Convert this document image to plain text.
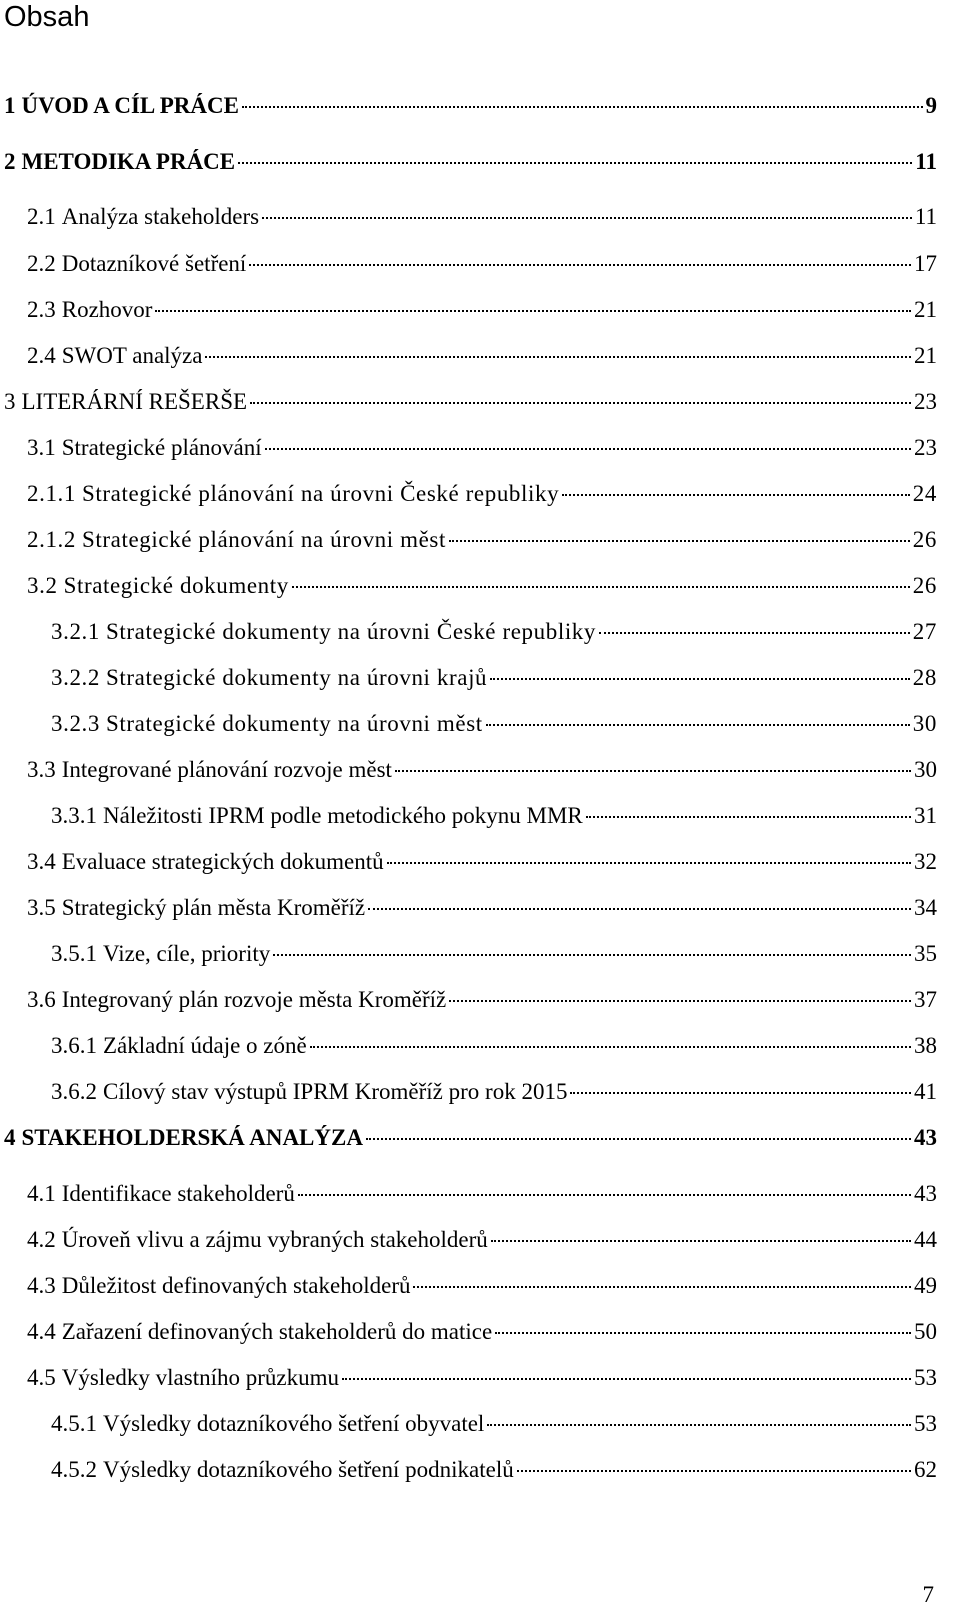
Obsah
1 ÚVOD A CÍL PRÁCE	9
2 METODIKA PRÁCE	11
2.1 Analýza stakeholders	11
2.2 Dotazníkové šetření	17
2.3 Rozhovor	21
2.4 SWOT analýza	21
3 LITERÁRNÍ REŠERŠE	23
3.1 Strategické plánování	23
2.1.1 Strategické plánování na úrovni České republiky	24
2.1.2 Strategické plánování na úrovni měst	26
3.2 Strategické dokumenty	26
3.2.1 Strategické dokumenty na úrovni České republiky	27
3.2.2 Strategické dokumenty na úrovni krajů	28
3.2.3 Strategické dokumenty na úrovni měst	30
3.3 Integrované plánování rozvoje měst	30
3.3.1 Náležitosti IPRM podle metodického pokynu MMR	31
3.4 Evaluace strategických dokumentů	32
3.5 Strategický plán města Kroměříž	34
3.5.1 Vize, cíle, priority	35
3.6 Integrovaný plán rozvoje města Kroměříž	37
3.6.1 Základní údaje o zóně	38
3.6.2 Cílový stav výstupů IPRM Kroměříž pro rok 2015	41
4 STAKEHOLDERSKÁ ANALÝZA	43
4.1 Identifikace stakeholderů	43
4.2 Úroveň vlivu a zájmu vybraných stakeholderů	44
4.3 Důležitost definovaných stakeholderů	49
4.4 Zařazení definovaných stakeholderů do matice	50
4.5 Výsledky vlastního průzkumu	53
4.5.1 Výsledky dotazníkového šetření obyvatel	53
4.5.2 Výsledky dotazníkového šetření podnikatelů	62
7
